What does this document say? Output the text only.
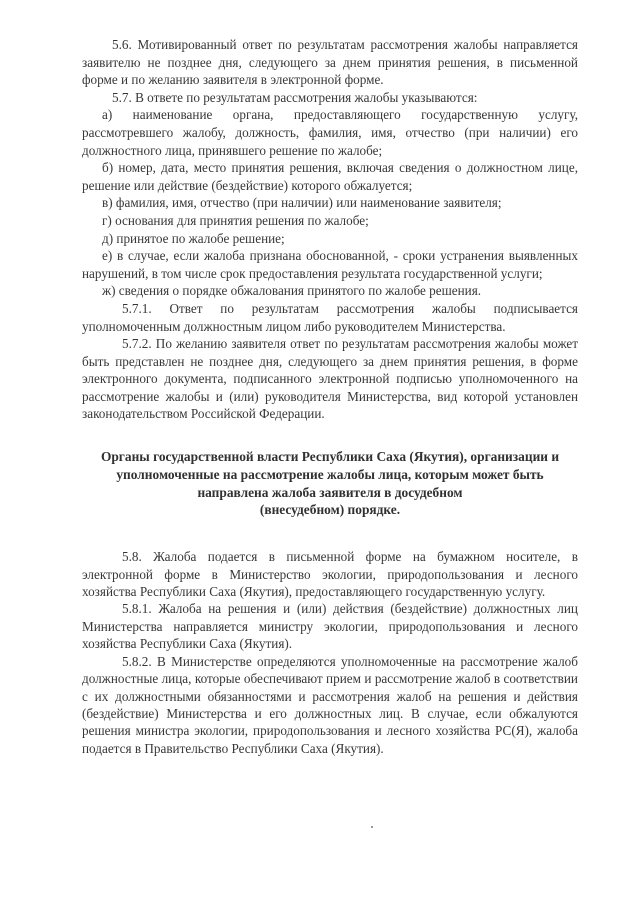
5.6. Мотивированный ответ по результатам рассмотрения жалобы направляется заявителю не позднее дня, следующего за днем принятия решения, в письменной форме и по желанию заявителя в электронной форме.

5.7. В ответе по результатам рассмотрения жалобы указываются:

а) наименование органа, предоставляющего государственную услугу, рассмотревшего жалобу, должность, фамилия, имя, отчество (при наличии) его должностного лица, принявшего решение по жалобе;

б) номер, дата, место принятия решения, включая сведения о должностном лице, решение или действие (бездействие) которого обжалуется;

в) фамилия, имя, отчество (при наличии) или наименование заявителя;

г) основания для принятия решения по жалобе;

д) принятое по жалобе решение;

е) в случае, если жалоба признана обоснованной, - сроки устранения выявленных нарушений, в том числе срок предоставления результата государственной услуги;

ж) сведения о порядке обжалования принятого по жалобе решения.

5.7.1. Ответ по результатам рассмотрения жалобы подписывается уполномоченным должностным лицом либо руководителем Министерства.

5.7.2. По желанию заявителя ответ по результатам рассмотрения жалобы может быть представлен не позднее дня, следующего за днем принятия решения, в форме электронного документа, подписанного электронной подписью уполномоченного на рассмотрение жалобы и (или) руководителя Министерства, вид которой установлен законодательством Российской Федерации.

Органы государственной власти Республики Саха (Якутия), организации и
уполномоченные на рассмотрение жалобы лица, которым может быть
направлена жалоба заявителя в досудебном
(внесудебном) порядке.

5.8. Жалоба подается в письменной форме на бумажном носителе, в электронной форме в Министерство экологии, природопользования и лесного хозяйства Республики Саха (Якутия), предоставляющего государственную услугу.

5.8.1. Жалоба на решения и (или) действия (бездействие) должностных лиц Министерства направляется министру экологии, природопользования и лесного хозяйства Республики Саха (Якутия).

5.8.2. В Министерстве определяются уполномоченные на рассмотрение жалоб должностные лица, которые обеспечивают прием и рассмотрение жалоб в соответствии с их должностными обязанностями и рассмотрения жалоб на решения и действия (бездействие) Министерства и его должностных лиц. В случае, если обжалуются решения министра экологии, природопользования и лесного хозяйства РС(Я), жалоба подается в Правительство Республики Саха (Якутия).
